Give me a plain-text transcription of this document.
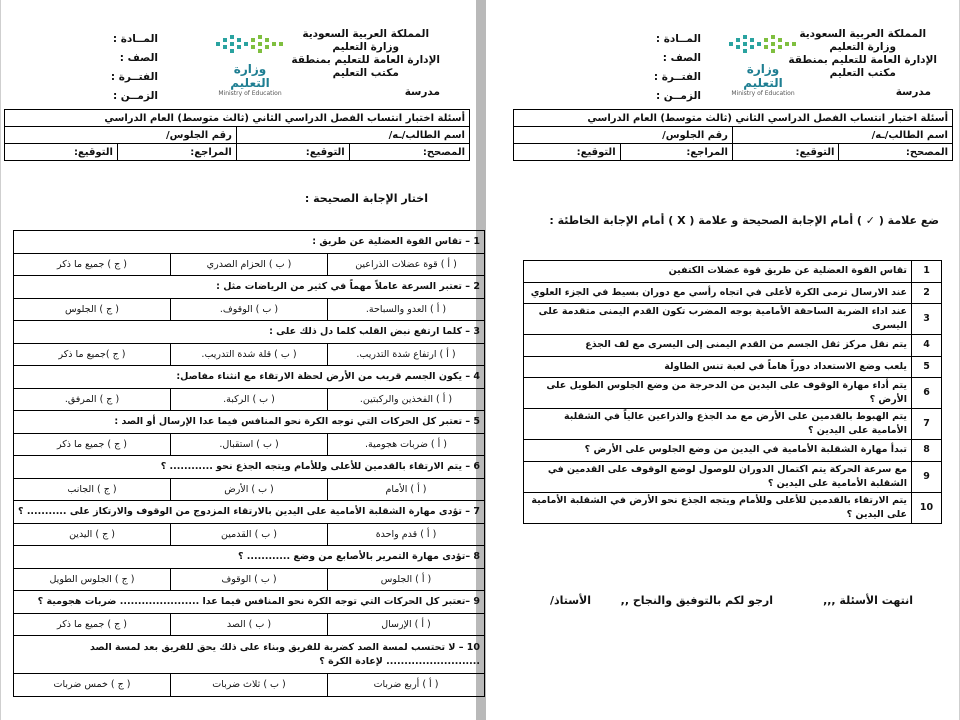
المملكة العربية السعودية
وزارة التعليم
الإدارة العامة للتعليم بمنطقة
مكتب التعليم
مدرسة
وزارة التعليم
Ministry of Education
المــادة :
الصف :
الفتــرة :
الزمــن :
أسئلة اختبار انتساب الفصل الدراسي الثاني (ثالث متوسط) العام الدراسي			
اسم الطالب/ـه/		رقم الجلوس/	
المصحح:	التوقيع:	المراجع:	التوقيع:
اختار الإجابة الصحيحة :
1 – تقاس القوة العضلية عن طريق :		
( أ ) قوة عضلات الذراعين	( ب ) الحزام الصدري	( ج ) جميع ما ذكر
2 – تعتبر السرعة عاملاً مهماً في كثير من الرياضات مثل :		
( أ ) العدو والسباحة.	( ب ) الوقوف.	( ج ) الجلوس
3 – كلما ارتفع نبض القلب كلما دل ذلك على :		
( أ ) ارتفاع شدة التدريب.	( ب ) قلة شدة التدريب.	( ج )جميع ما ذكر
4 – يكون الجسم قريب من الأرض لحظة الارتقاء مع انثناء مفاصل:		
( أ ) الفخذين والركبتين.	( ب ) الركبة.	( ج ) المرفق.
5 – تعتبر كل الحركات التي توجه الكرة نحو المنافس فيما عدا الإرسال أو الصد :		
( أ ) ضربات هجومية.	( ب ) استقبال.	( ج ) جميع ما ذكر
6 – يتم الارتقاء بالقدمين للأعلى وللأمام ويتجه الجذع نحو ............ ؟		
( أ ) الأمام	( ب ) الأرض	( ج ) الجانب
7 – تؤدى مهارة الشقلبة الأمامية على اليدين بالارتقاء المزدوج من الوقوف والارتكاز على ........... ؟		
( أ ) قدم واحدة	( ب ) القدمين	( ج ) اليدين
8 –تؤدى مهارة التمرير بالأصابع من وضع ............ ؟		
( أ ) الجلوس	( ب ) الوقوف	( ج ) الجلوس الطويل
9 –تعتبر كل الحركات التي توجه الكرة نحو المنافس فيما عدا ...................... ضربات هجومية ؟		
( أ ) الإرسال	( ب ) الصد	( ج ) جميع ما ذكر
10 – لا تحتسب لمسة الصد كضربة للفريق وبناء على ذلك يحق للفريق بعد لمسة الصد .......................... لإعادة الكرة ؟		
( أ ) أربع ضربات	( ب ) ثلاث ضربات	( ج ) خمس ضربات
المملكة العربية السعودية
وزارة التعليم
الإدارة العامة للتعليم بمنطقة
مكتب التعليم
مدرسة
وزارة التعليم
Ministry of Education
المــادة :
الصف :
الفتــرة :
الزمــن :
أسئلة اختبار انتساب الفصل الدراسي الثاني (ثالث متوسط) العام الدراسي			
اسم الطالب/ـه/		رقم الجلوس/	
المصحح:	التوقيع:	المراجع:	التوقيع:
ضع علامة ( ✓ ) أمام الإجابة الصحيحة و علامة ( X ) أمام الإجابة الخاطئة :
1	تقاس القوة العضلية عن طريق قوة عضلات الكتفين
2	عند الارسال ترمى الكرة لأعلى في اتجاه رأسي مع دوران بسيط في الجزء العلوي
3	عند اداء الضربة الساحقة الأمامية بوجه المضرب تكون القدم اليمنى متقدمة على اليسرى
4	يتم نقل مركز ثقل الجسم من القدم اليمنى إلى اليسرى مع لف الجذع
5	يلعب وضع الاستعداد دوراً هاماً في لعبة تنس الطاولة
6	يتم أداء مهارة الوقوف على اليدين من الدحرجة من وضع الجلوس الطويل على الأرض ؟
7	يتم الهبوط بالقدمين على الأرض مع مد الجذع والذراعين عالياً في الشقلبة الأمامية على اليدين ؟
8	تبدأ مهارة الشقلبة الأمامية في اليدين من وضع الجلوس على الأرض ؟
9	مع سرعة الحركة يتم اكتمال الدوران للوصول لوضع الوقوف على القدمين في الشقلبة الأمامية على اليدين ؟
10	يتم الارتقاء بالقدمين للأعلى وللأمام ويتجه الجذع نحو الأرض في الشقلبة الأمامية على اليدين ؟
انتهت الأسئلة ,,,
ارجو لكم بالتوفيق والنجاح ,,
الأستاذ/
